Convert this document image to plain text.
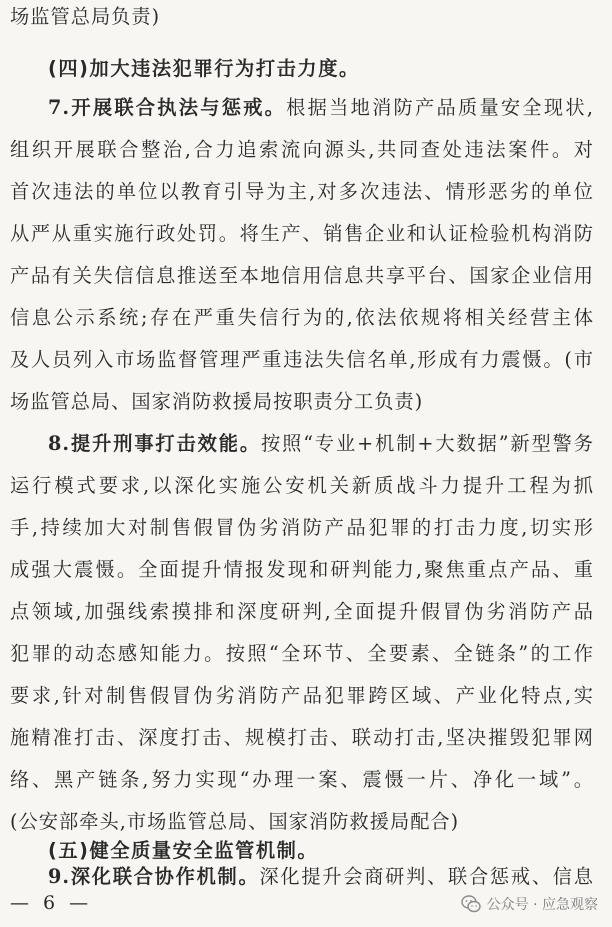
场监管总局负责)
(四)加大违法犯罪行为打击力度。
7.开展联合执法与惩戒。根据当地消防产品质量安全现状,
组织开展联合整治,合力追索流向源头,共同查处违法案件。对
首次违法的单位以教育引导为主,对多次违法、情形恶劣的单位
从严从重实施行政处罚。将生产、销售企业和认证检验机构消防
产品有关失信信息推送至本地信用信息共享平台、国家企业信用
信息公示系统;存在严重失信行为的,依法依规将相关经营主体
及人员列入市场监督管理严重违法失信名单,形成有力震慑。(市
场监管总局、国家消防救援局按职责分工负责)
8.提升刑事打击效能。按照“专业+机制+大数据”新型警务
运行模式要求,以深化实施公安机关新质战斗力提升工程为抓
手,持续加大对制售假冒伪劣消防产品犯罪的打击力度,切实形
成强大震慑。全面提升情报发现和研判能力,聚焦重点产品、重
点领域,加强线索摸排和深度研判,全面提升假冒伪劣消防产品
犯罪的动态感知能力。按照“全环节、全要素、全链条”的工作
要求,针对制售假冒伪劣消防产品犯罪跨区域、产业化特点,实
施精准打击、深度打击、规模打击、联动打击,坚决摧毁犯罪网
络、黑产链条,努力实现“办理一案、震慑一片、净化一域”。
(公安部牵头,市场监管总局、国家消防救援局配合)
(五)健全质量安全监管机制。
9.深化联合协作机制。深化提升会商研判、联合惩戒、信息
— 6 —	公众号 · 应急观察
